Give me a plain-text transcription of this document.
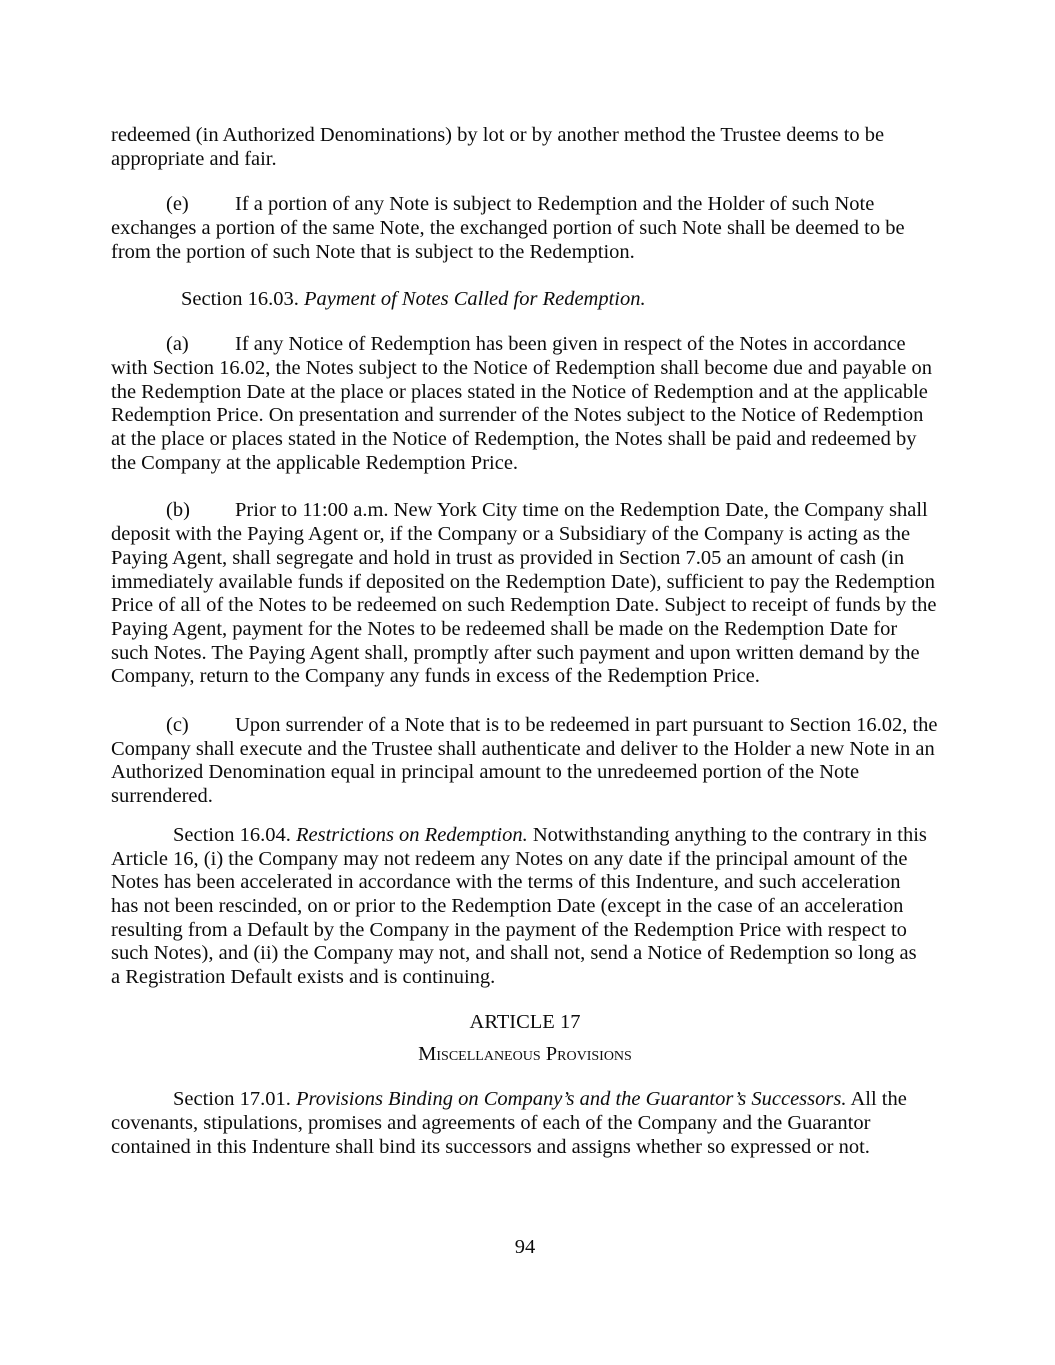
redeemed (in Authorized Denominations) by lot or by another method the Trustee deems to be appropriate and fair.

(e) If a portion of any Note is subject to Redemption and the Holder of such Note exchanges a portion of the same Note, the exchanged portion of such Note shall be deemed to be from the portion of such Note that is subject to the Redemption.

Section 16.03. Payment of Notes Called for Redemption.

(a) If any Notice of Redemption has been given in respect of the Notes in accordance with Section 16.02, the Notes subject to the Notice of Redemption shall become due and payable on the Redemption Date at the place or places stated in the Notice of Redemption and at the applicable Redemption Price. On presentation and surrender of the Notes subject to the Notice of Redemption at the place or places stated in the Notice of Redemption, the Notes shall be paid and redeemed by the Company at the applicable Redemption Price.

(b) Prior to 11:00 a.m. New York City time on the Redemption Date, the Company shall deposit with the Paying Agent or, if the Company or a Subsidiary of the Company is acting as the Paying Agent, shall segregate and hold in trust as provided in Section 7.05 an amount of cash (in immediately available funds if deposited on the Redemption Date), sufficient to pay the Redemption Price of all of the Notes to be redeemed on such Redemption Date. Subject to receipt of funds by the Paying Agent, payment for the Notes to be redeemed shall be made on the Redemption Date for such Notes. The Paying Agent shall, promptly after such payment and upon written demand by the Company, return to the Company any funds in excess of the Redemption Price.

(c) Upon surrender of a Note that is to be redeemed in part pursuant to Section 16.02, the Company shall execute and the Trustee shall authenticate and deliver to the Holder a new Note in an Authorized Denomination equal in principal amount to the unredeemed portion of the Note surrendered.

Section 16.04. Restrictions on Redemption. Notwithstanding anything to the contrary in this Article 16, (i) the Company may not redeem any Notes on any date if the principal amount of the Notes has been accelerated in accordance with the terms of this Indenture, and such acceleration has not been rescinded, on or prior to the Redemption Date (except in the case of an acceleration resulting from a Default by the Company in the payment of the Redemption Price with respect to such Notes), and (ii) the Company may not, and shall not, send a Notice of Redemption so long as a Registration Default exists and is continuing.

ARTICLE 17

Miscellaneous Provisions

Section 17.01. Provisions Binding on Company’s and the Guarantor’s Successors. All the covenants, stipulations, promises and agreements of each of the Company and the Guarantor contained in this Indenture shall bind its successors and assigns whether so expressed or not.

94
